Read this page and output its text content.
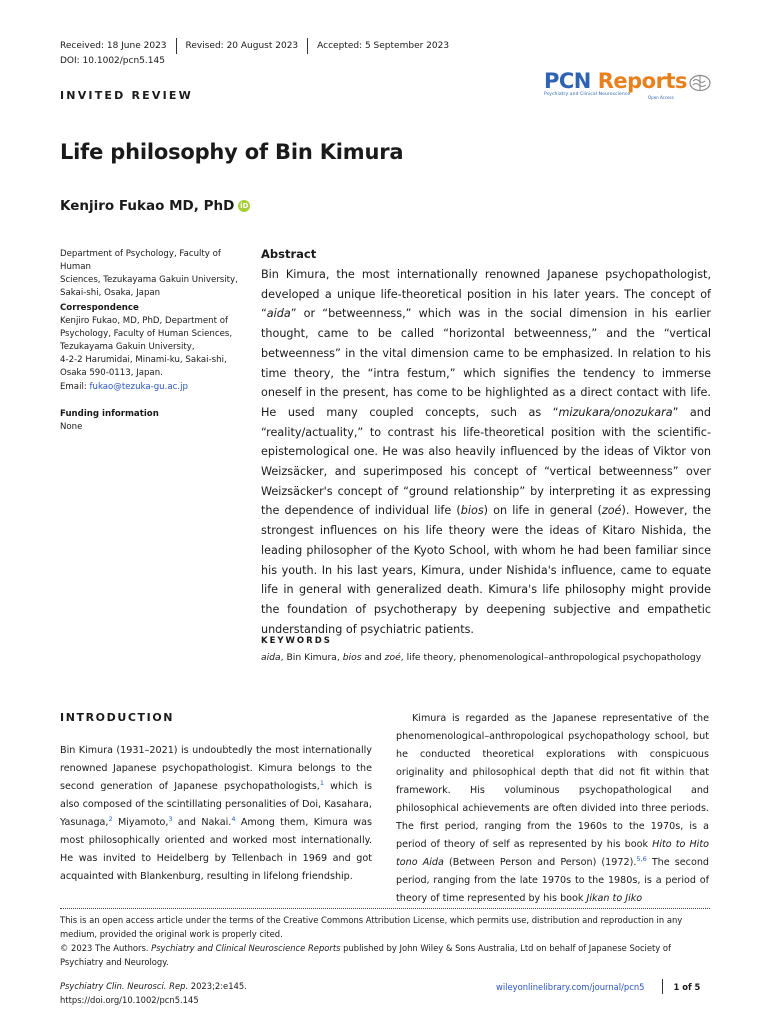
Received: 18 June 2023 Revised: 20 August 2023 Accepted: 5 September 2023
DOI: 10.1002/pcn5.145
INVITED REVIEW
PCN Reports
Psychiatry and Clinical Neuroscience
Open Access
Life philosophy of Bin Kimura
Kenjiro Fukao MD, PhD iD
Department of Psychology, Faculty of Human
Sciences, Tezukayama Gakuin University,
Sakai-shi, Osaka, Japan
Correspondence
Kenjiro Fukao, MD, PhD, Department of
Psychology, Faculty of Human Sciences,
Tezukayama Gakuin University,
4-2-2 Harumidai, Minami-ku, Sakai-shi,
Osaka 590-0113, Japan.
Email: fukao@tezuka-gu.ac.jp
Funding information
None
Abstract

Bin Kimura, the most internationally renowned Japanese psychopathologist, developed a unique life-theoretical position in his later years. The concept of “aida” or “betweenness,” which was in the social dimension in his earlier thought, came to be called “horizontal betweenness,” and the “vertical betweenness” in the vital dimension came to be emphasized. In relation to his time theory, the “intra festum,” which signifies the tendency to immerse oneself in the present, has come to be highlighted as a direct contact with life. He used many coupled concepts, such as “mizukara/onozukara” and “reality/actuality,” to contrast his life-theoretical position with the scientific-epistemological one. He was also heavily influenced by the ideas of Viktor von Weizsäcker, and superimposed his concept of “vertical betweenness” over Weizsäcker's concept of “ground relationship” by interpreting it as expressing the dependence of individual life (bios) on life in general (zoé). However, the strongest influences on his life theory were the ideas of Kitaro Nishida, the leading philosopher of the Kyoto School, with whom he had been familiar since his youth. In his last years, Kimura, under Nishida's influence, came to equate life in general with generalized death. Kimura's life philosophy might provide the foundation of psychotherapy by deepening subjective and empathetic understanding of psychiatric patients.

KEYWORDS
aida, Bin Kimura, bios and zoé, life theory, phenomenological–anthropological psychopathology
INTRODUCTION

Bin Kimura (1931–2021) is undoubtedly the most internationally renowned Japanese psychopathologist. Kimura belongs to the second generation of Japanese psychopathologists,$^1$ which is also composed of the scintillating personalities of Doi, Kasahara, Yasunaga,$^2$ Miyamoto,$^3$ and Nakai.$^4$ Among them, Kimura was most philosophically oriented and worked most internationally. He was invited to Heidelberg by Tellenbach in 1969 and got acquainted with Blankenburg, resulting in lifelong friendship.

Kimura is regarded as the Japanese representative of the phenomenological–anthropological psychopathology school, but he conducted theoretical explorations with conspicuous originality and philosophical depth that did not fit within that framework. His voluminous psychopathological and philosophical achievements are often divided into three periods. The first period, ranging from the 1960s to the 1970s, is a period of theory of self as represented by his book Hito to Hito tono Aida (Between Person and Person) (1972).$^{5,6}$ The second period, ranging from the late 1970s to the 1980s, is a period of theory of time represented by his book Jikan to Jiko

This is an open access article under the terms of the Creative Commons Attribution License, which permits use, distribution and reproduction in any medium, provided the original work is properly cited.
© 2023 The Authors. Psychiatry and Clinical Neuroscience Reports published by John Wiley & Sons Australia, Ltd on behalf of Japanese Society of Psychiatry and Neurology.
Psychiatry Clin. Neurosci. Rep. 2023;2:e145.
https://doi.org/10.1002/pcn5.145
wileyonlinelibrary.com/journal/pcn5	1 of 5
